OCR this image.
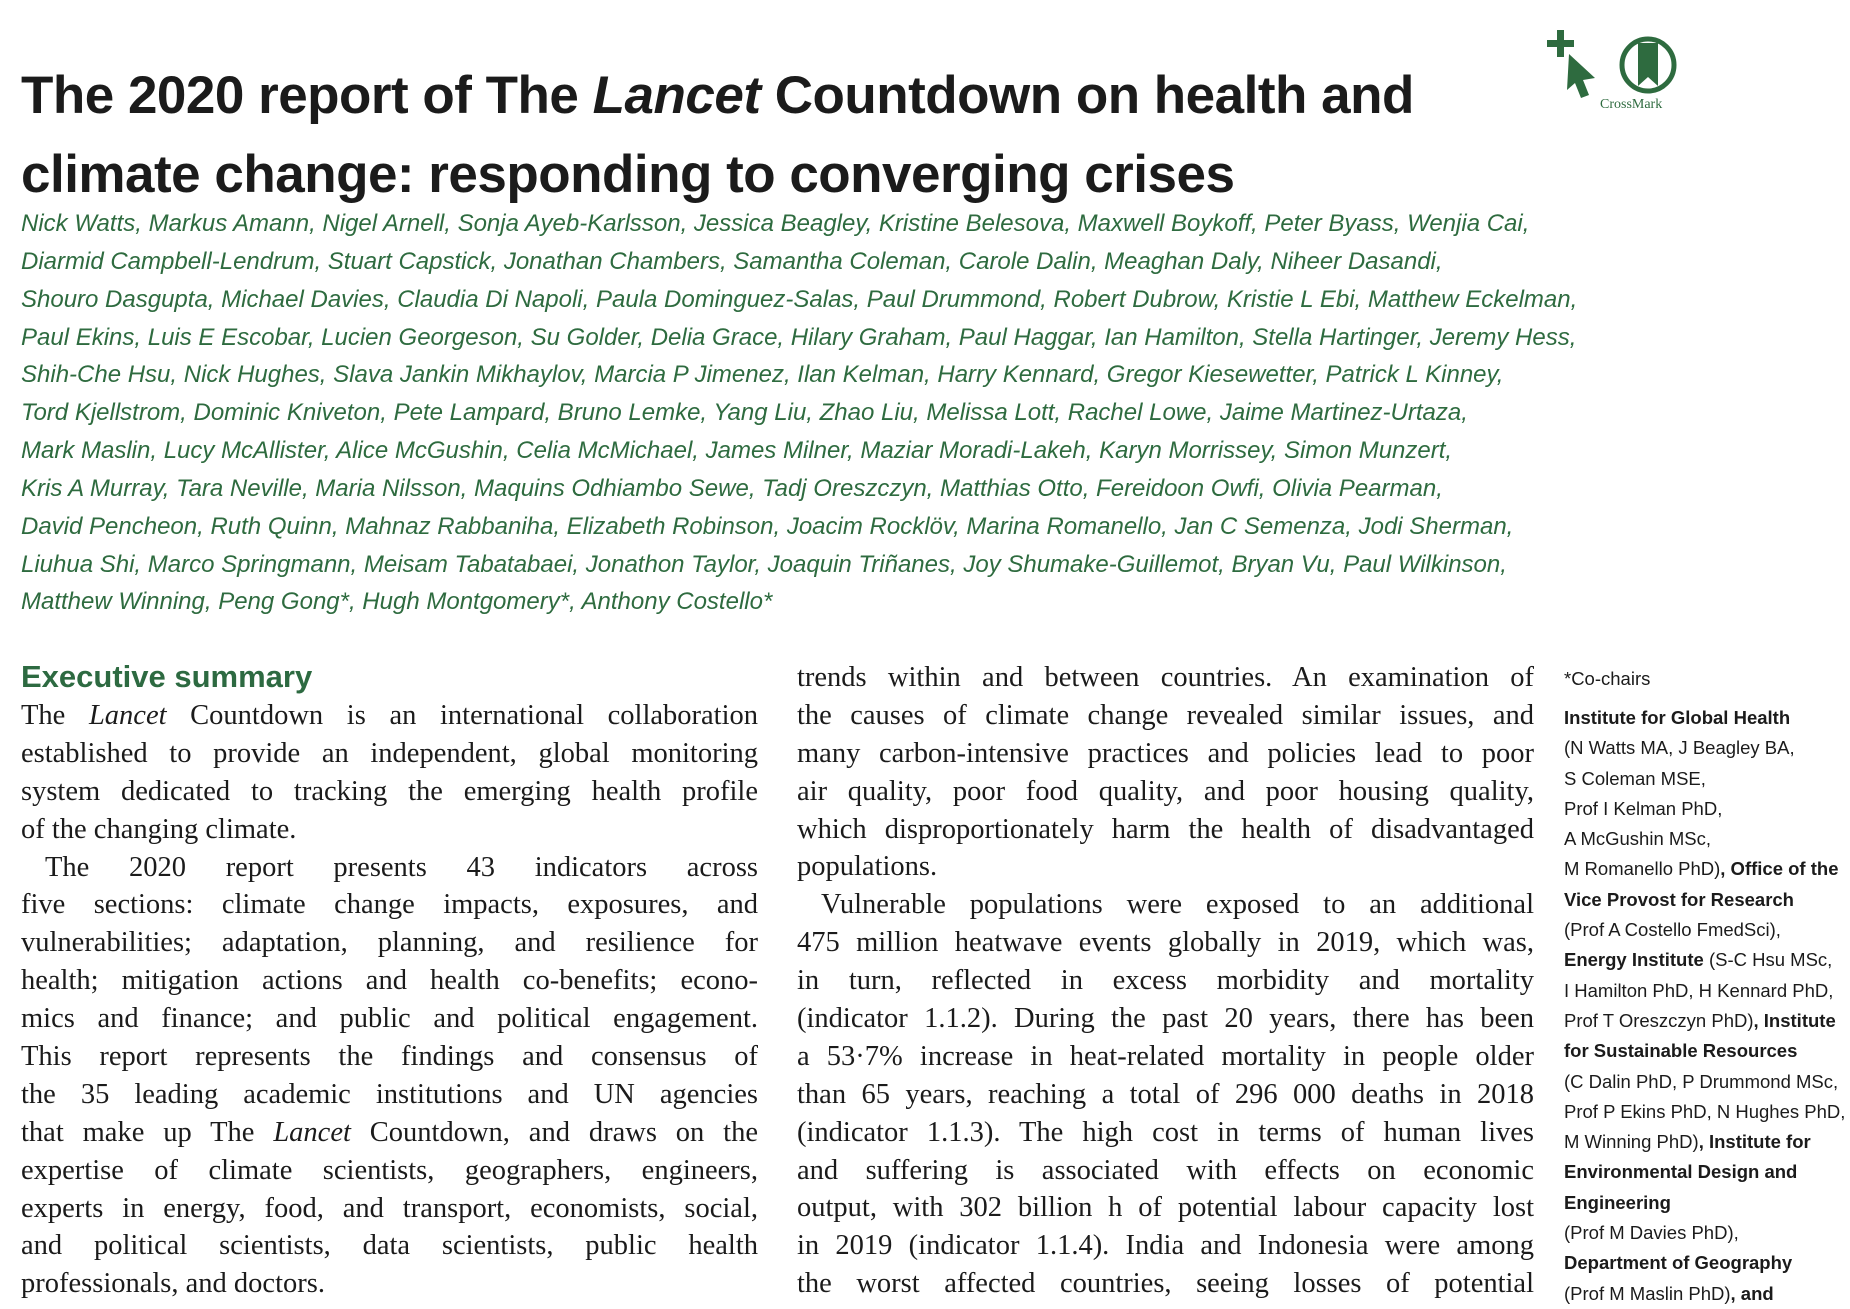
The 2020 report of The Lancet Countdown on health and
climate change: responding to converging crises
CrossMark
Nick Watts, Markus Amann, Nigel Arnell, Sonja Ayeb-Karlsson, Jessica Beagley, Kristine Belesova, Maxwell Boykoff, Peter Byass, Wenjia Cai,
Diarmid Campbell-Lendrum, Stuart Capstick, Jonathan Chambers, Samantha Coleman, Carole Dalin, Meaghan Daly, Niheer Dasandi,
Shouro Dasgupta, Michael Davies, Claudia Di Napoli, Paula Dominguez-Salas, Paul Drummond, Robert Dubrow, Kristie L Ebi, Matthew Eckelman,
Paul Ekins, Luis E Escobar, Lucien Georgeson, Su Golder, Delia Grace, Hilary Graham, Paul Haggar, Ian Hamilton, Stella Hartinger, Jeremy Hess,
Shih-Che Hsu, Nick Hughes, Slava Jankin Mikhaylov, Marcia P Jimenez, Ilan Kelman, Harry Kennard, Gregor Kiesewetter, Patrick L Kinney,
Tord Kjellstrom, Dominic Kniveton, Pete Lampard, Bruno Lemke, Yang Liu, Zhao Liu, Melissa Lott, Rachel Lowe, Jaime Martinez-Urtaza,
Mark Maslin, Lucy McAllister, Alice McGushin, Celia McMichael, James Milner, Maziar Moradi-Lakeh, Karyn Morrissey, Simon Munzert,
Kris A Murray, Tara Neville, Maria Nilsson, Maquins Odhiambo Sewe, Tadj Oreszczyn, Matthias Otto, Fereidoon Owfi, Olivia Pearman,
David Pencheon, Ruth Quinn, Mahnaz Rabbaniha, Elizabeth Robinson, Joacim Rocklöv, Marina Romanello, Jan C Semenza, Jodi Sherman,
Liuhua Shi, Marco Springmann, Meisam Tabatabaei, Jonathon Taylor, Joaquin Triñanes, Joy Shumake-Guillemot, Bryan Vu, Paul Wilkinson,
Matthew Winning, Peng Gong*, Hugh Montgomery*, Anthony Costello*
Executive summary
The Lancet Countdown is an international collaboration
established to provide an independent, global monitoring
system dedicated to tracking the emerging health profile
of the changing climate.
The 2020 report presents 43 indicators across
five sections: climate change impacts, exposures, and
vulnerabilities; adaptation, planning, and resilience for
health; mitigation actions and health co-benefits; econo-
mics and finance; and public and political engagement.
This report represents the findings and consensus of
the 35 leading academic institutions and UN agencies
that make up The Lancet Countdown, and draws on the
expertise of climate scientists, geographers, engineers,
experts in energy, food, and transport, economists, social,
and political scientists, data scientists, public health
professionals, and doctors.
trends within and between countries. An examination of
the causes of climate change revealed similar issues, and
many carbon-intensive practices and policies lead to poor
air quality, poor food quality, and poor housing quality,
which disproportionately harm the health of disadvantaged
populations.
Vulnerable populations were exposed to an additional
475 million heatwave events globally in 2019, which was,
in turn, reflected in excess morbidity and mortality
(indicator 1.1.2). During the past 20 years, there has been
a 53·7% increase in heat-related mortality in people older
than 65 years, reaching a total of 296 000 deaths in 2018
(indicator 1.1.3). The high cost in terms of human lives
and suffering is associated with effects on economic
output, with 302 billion h of potential labour capacity lost
in 2019 (indicator 1.1.4). India and Indonesia were among
the worst affected countries, seeing losses of potential
*Co-chairs
Institute for Global Health
(N Watts MA, J Beagley BA,
S Coleman MSE,
Prof I Kelman PhD,
A McGushin MSc,
M Romanello PhD), Office of the
Vice Provost for Research
(Prof A Costello FmedSci),
Energy Institute (S-C Hsu MSc,
I Hamilton PhD, H Kennard PhD,
Prof T Oreszczyn PhD), Institute
for Sustainable Resources
(C Dalin PhD, P Drummond MSc,
Prof P Ekins PhD, N Hughes PhD,
M Winning PhD), Institute for
Environmental Design and
Engineering
(Prof M Davies PhD),
Department of Geography
(Prof M Maslin PhD), and
